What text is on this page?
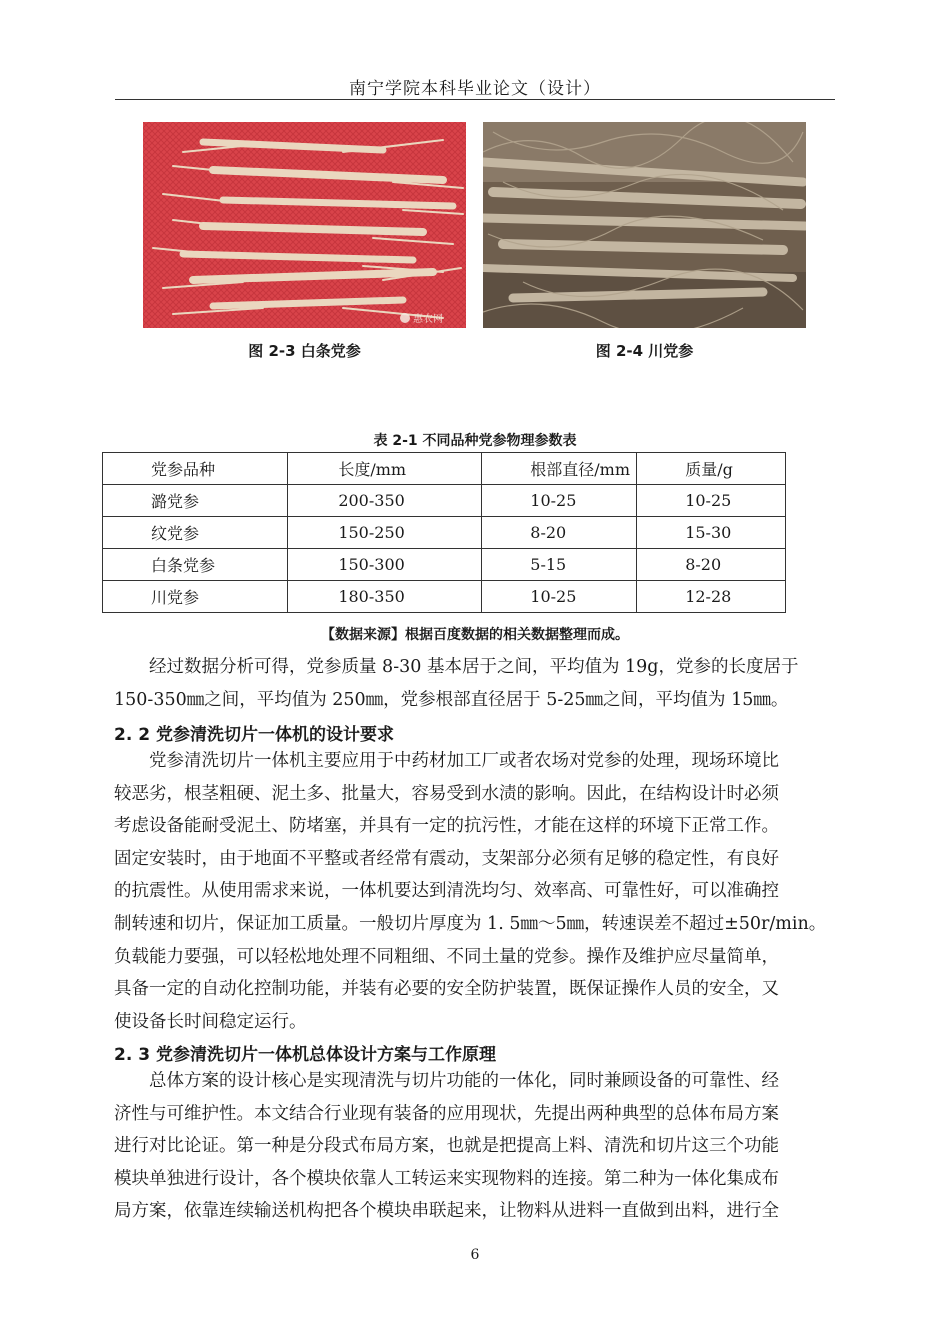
南宁学院本科毕业论文（设计）
惠农网
图 2-3 白条党参	图 2-4 川党参
表 2-1 不同品种党参物理参数表
党参品种	长度/mm	根部直径/mm	质量/g
潞党参	200-350	10-25	10-25
纹党参	150-250	8-20	15-30
白条党参	150-300	5-15	8-20
川党参	180-350	10-25	12-28
【数据来源】根据百度数据的相关数据整理而成。
　　经过数据分析可得，党参质量 8-30 基本居于之间，平均值为 19g，党参的长度居于
150-350㎜之间，平均值为 250㎜，党参根部直径居于 5-25㎜之间，平均值为 15㎜。
2. 2 党参清洗切片一体机的设计要求
　　党参清洗切片一体机主要应用于中药材加工厂或者农场对党参的处理，现场环境比
较恶劣，根茎粗硬、泥土多、批量大，容易受到水渍的影响。因此，在结构设计时必须
考虑设备能耐受泥土、防堵塞，并具有一定的抗污性，才能在这样的环境下正常工作。
固定安装时，由于地面不平整或者经常有震动，支架部分必须有足够的稳定性，有良好
的抗震性。从使用需求来说，一体机要达到清洗均匀、效率高、可靠性好，可以准确控
制转速和切片，保证加工质量。一般切片厚度为 1. 5㎜～5㎜，转速误差不超过±50r/min。
负载能力要强，可以轻松地处理不同粗细、不同土量的党参。操作及维护应尽量简单，
具备一定的自动化控制功能，并装有必要的安全防护装置，既保证操作人员的安全，又
使设备长时间稳定运行。
2. 3 党参清洗切片一体机总体设计方案与工作原理
　　总体方案的设计核心是实现清洗与切片功能的一体化，同时兼顾设备的可靠性、经
济性与可维护性。本文结合行业现有装备的应用现状，先提出两种典型的总体布局方案
进行对比论证。第一种是分段式布局方案，也就是把提高上料、清洗和切片这三个功能
模块单独进行设计，各个模块依靠人工转运来实现物料的连接。第二种为一体化集成布
局方案，依靠连续输送机构把各个模块串联起来，让物料从进料一直做到出料，进行全
6
